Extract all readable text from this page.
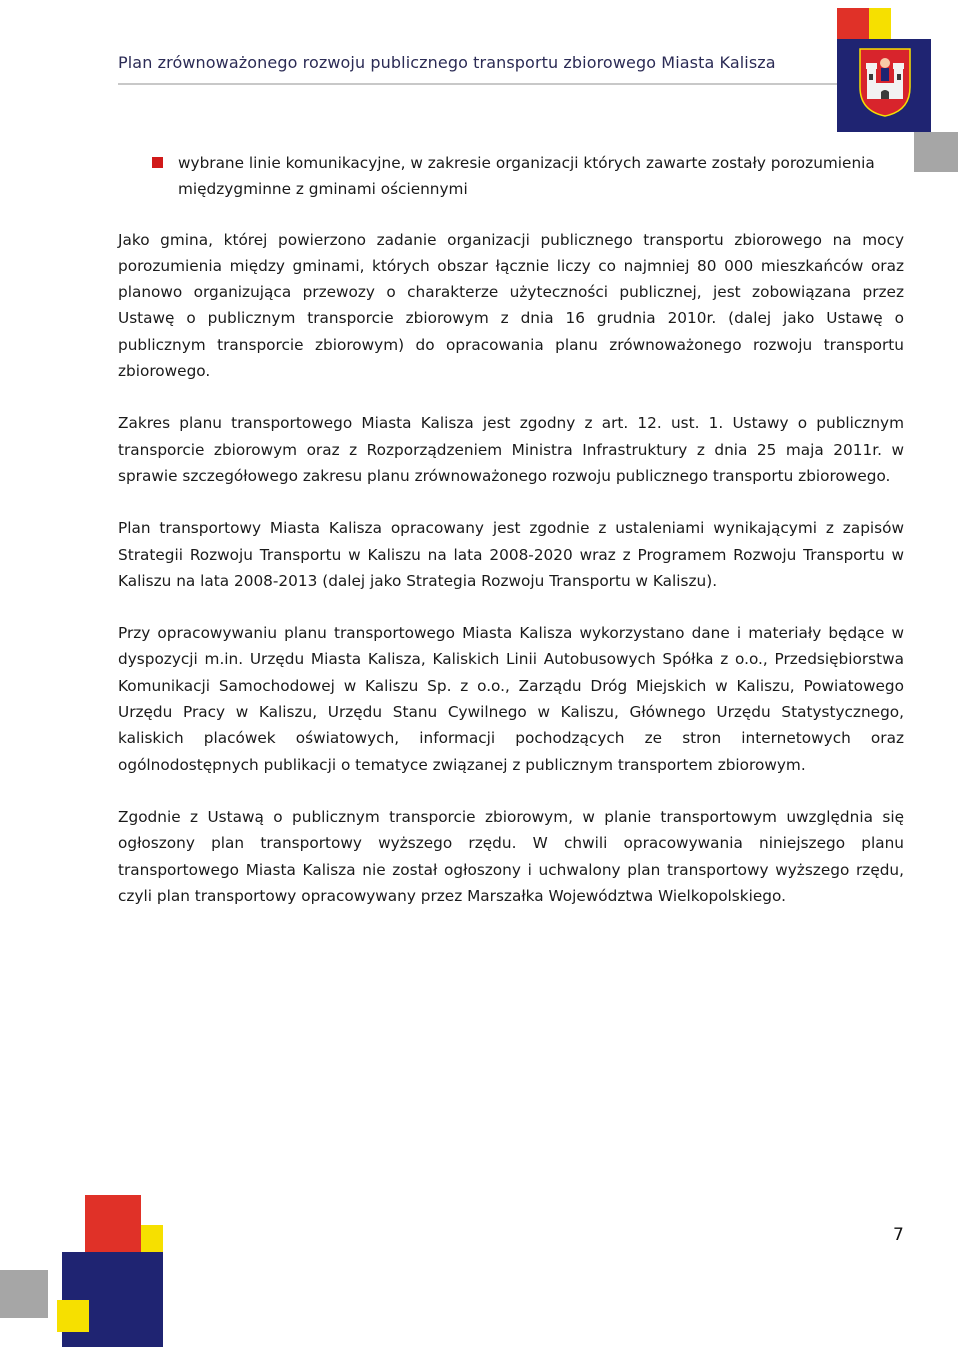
Plan zrównoważonego rozwoju publicznego transportu zbiorowego Miasta Kalisza
wybrane linie komunikacyjne, w zakresie organizacji których zawarte zostały porozumienia międzygminne z gminami ościennymi
Jako gmina, której powierzono zadanie organizacji publicznego transportu zbiorowego na mocy porozumienia między gminami, których obszar łącznie liczy co najmniej 80 000 mieszkańców oraz planowo organizująca przewozy o charakterze użyteczności publicznej, jest zobowiązana przez Ustawę o publicznym transporcie zbiorowym z dnia 16 grudnia 2010r. (dalej jako Ustawę o publicznym transporcie zbiorowym) do opracowania planu zrównoważonego rozwoju transportu zbiorowego.
Zakres planu transportowego Miasta Kalisza jest zgodny z art. 12. ust. 1. Ustawy o publicznym transporcie zbiorowym oraz z Rozporządzeniem Ministra Infrastruktury z dnia 25 maja 2011r. w sprawie szczegółowego zakresu planu zrównoważonego rozwoju publicznego transportu zbiorowego.
Plan transportowy Miasta Kalisza opracowany jest zgodnie z ustaleniami wynikającymi z zapisów Strategii Rozwoju Transportu w Kaliszu na lata 2008-2020 wraz z Programem Rozwoju Transportu w Kaliszu na lata 2008-2013 (dalej jako Strategia Rozwoju Transportu w Kaliszu).
Przy opracowywaniu planu transportowego Miasta Kalisza wykorzystano dane i materiały będące w dyspozycji m.in. Urzędu Miasta Kalisza, Kaliskich Linii Autobusowych Spółka z o.o., Przedsiębiorstwa Komunikacji Samochodowej w Kaliszu Sp. z o.o., Zarządu Dróg Miejskich w Kaliszu, Powiatowego Urzędu Pracy w Kaliszu, Urzędu Stanu Cywilnego w Kaliszu, Głównego Urzędu Statystycznego, kaliskich placówek oświatowych, informacji pochodzących ze stron internetowych oraz ogólnodostępnych publikacji o tematyce związanej z publicznym transportem zbiorowym.
Zgodnie z Ustawą o publicznym transporcie zbiorowym, w planie transportowym uwzględnia się ogłoszony plan transportowy wyższego rzędu. W chwili opracowywania niniejszego planu transportowego Miasta Kalisza nie został ogłoszony i uchwalony plan transportowy wyższego rzędu, czyli plan transportowy opracowywany przez Marszałka Województwa Wielkopolskiego.
7
